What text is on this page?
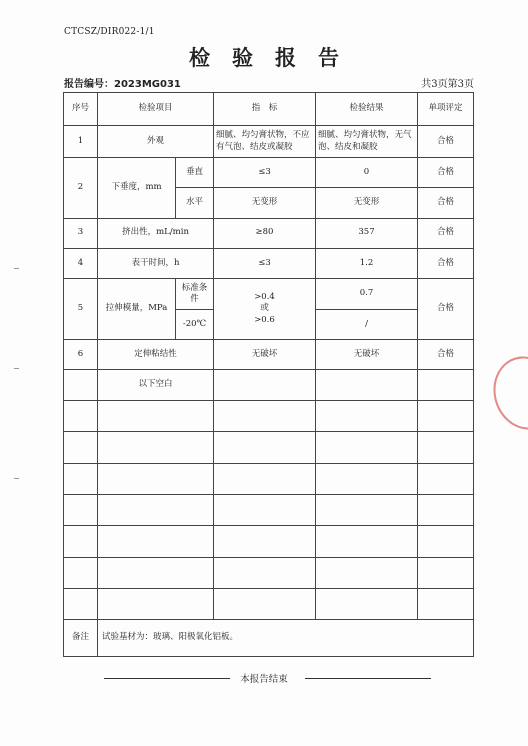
CTCSZ/DIR022-1/1
检验报告
报告编号：2023MG031	共3页第3页
序号	检验项目		指　标	检验结果	单项评定
1	外观		细腻、均匀膏状物，不应有气泡、结皮或凝胶	细腻、均匀膏状物，无气泡、结皮和凝胶	合格
2	下垂度，mm	垂直	≤3	0	合格
		水平	无变形	无变形	合格
3	挤出性，mL/min		≥80	357	合格
4	表干时间，h		≤3	1.2	合格
5	拉伸模量，MPa	标准条件	>0.4
或
>0.6	0.7	合格
		-20℃		/	
6	定伸粘结性		无破坏	无破坏	合格
	以下空白				

备注	试验基材为：玻璃、阳极氧化铝板。				
本报告结束
